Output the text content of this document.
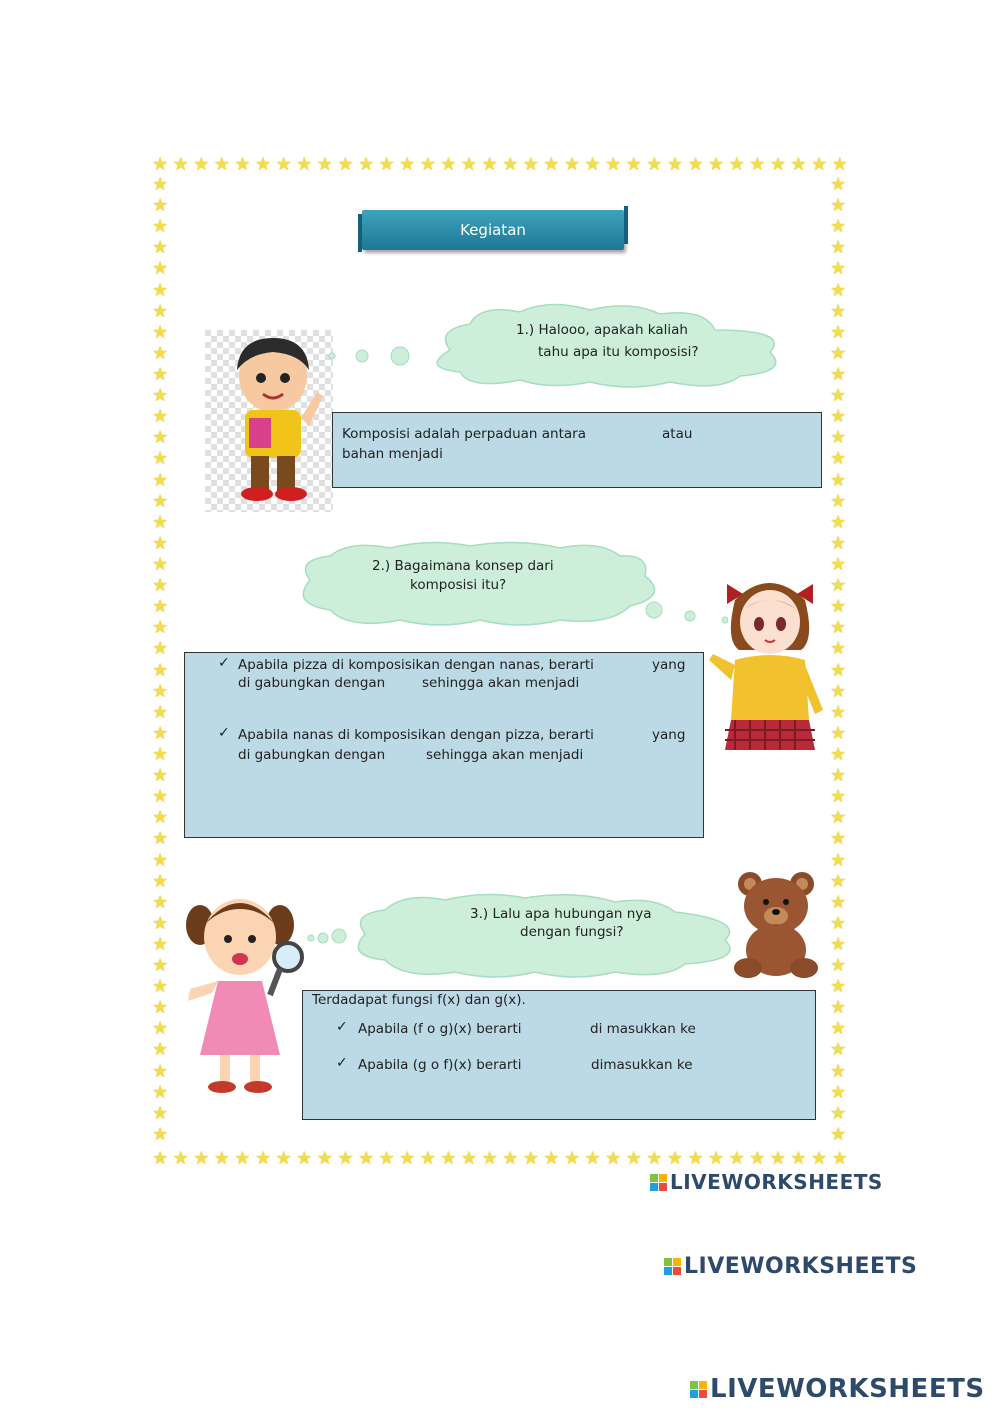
★ ★ ★ ★ ★ ★ ★ ★ ★ ★ ★ ★ ★ ★ ★ ★ ★ ★ ★ ★ ★ ★ ★ ★ ★ ★ ★ ★ ★ ★ ★ ★ ★ ★
★ ★ ★ ★ ★ ★ ★ ★ ★ ★ ★ ★ ★ ★ ★ ★ ★ ★ ★ ★ ★ ★ ★ ★ ★ ★ ★ ★ ★ ★ ★ ★ ★ ★
★
★
★
★
★
★
★
★
★
★
★
★
★
★
★
★
★
★
★
★
★
★
★
★
★
★
★
★
★
★
★
★
★
★
★
★
★
★
★
★
★
★
★
★
★
★
★
★
★
★
★
★
★
★
★
★
★
★
★
★
★
★
★
★
★
★
★
★
★
★
★
★
★
★
★
★
★
★
★
★
★
★
★
★
★
★
★
★
★
★
★
★
Kegiatan
1.) Halooo, apakah kaliah
tahu apa itu komposisi?
Komposisi adalah perpaduan antara	atau
bahan menjadi
2.) Bagaimana konsep dari
komposisi itu?
✓ Apabila pizza di komposisikan dengan nanas, berarti	yang
di gabungkan dengan	sehingga akan menjadi
✓ Apabila nanas di komposisikan dengan pizza, berarti	yang
di gabungkan dengan	sehingga akan menjadi
3.) Lalu apa hubungan nya
dengan fungsi?
Terdadapat fungsi f(x) dan g(x).
✓ Apabila (f o g)(x) berarti	di masukkan ke
✓ Apabila (g o f)(x) berarti	dimasukkan ke
LIVEWORKSHEETS
LIVEWORKSHEETS
LIVEWORKSHEETS
